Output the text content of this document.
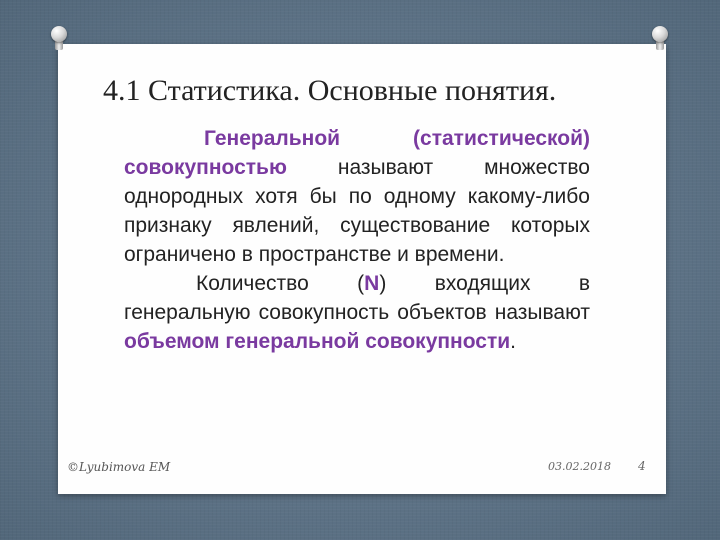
4.1 Статистика. Основные понятия.

Генеральной (статистической) совокупностью называют множество однородных хотя бы по одному какому-либо признаку явлений, существование которых ограничено в пространстве и времени.

Количество (N) входящих в генеральную совокупность объектов называют объемом генеральной совокупности.

©Lyubimova EM	03.02.2018 4
